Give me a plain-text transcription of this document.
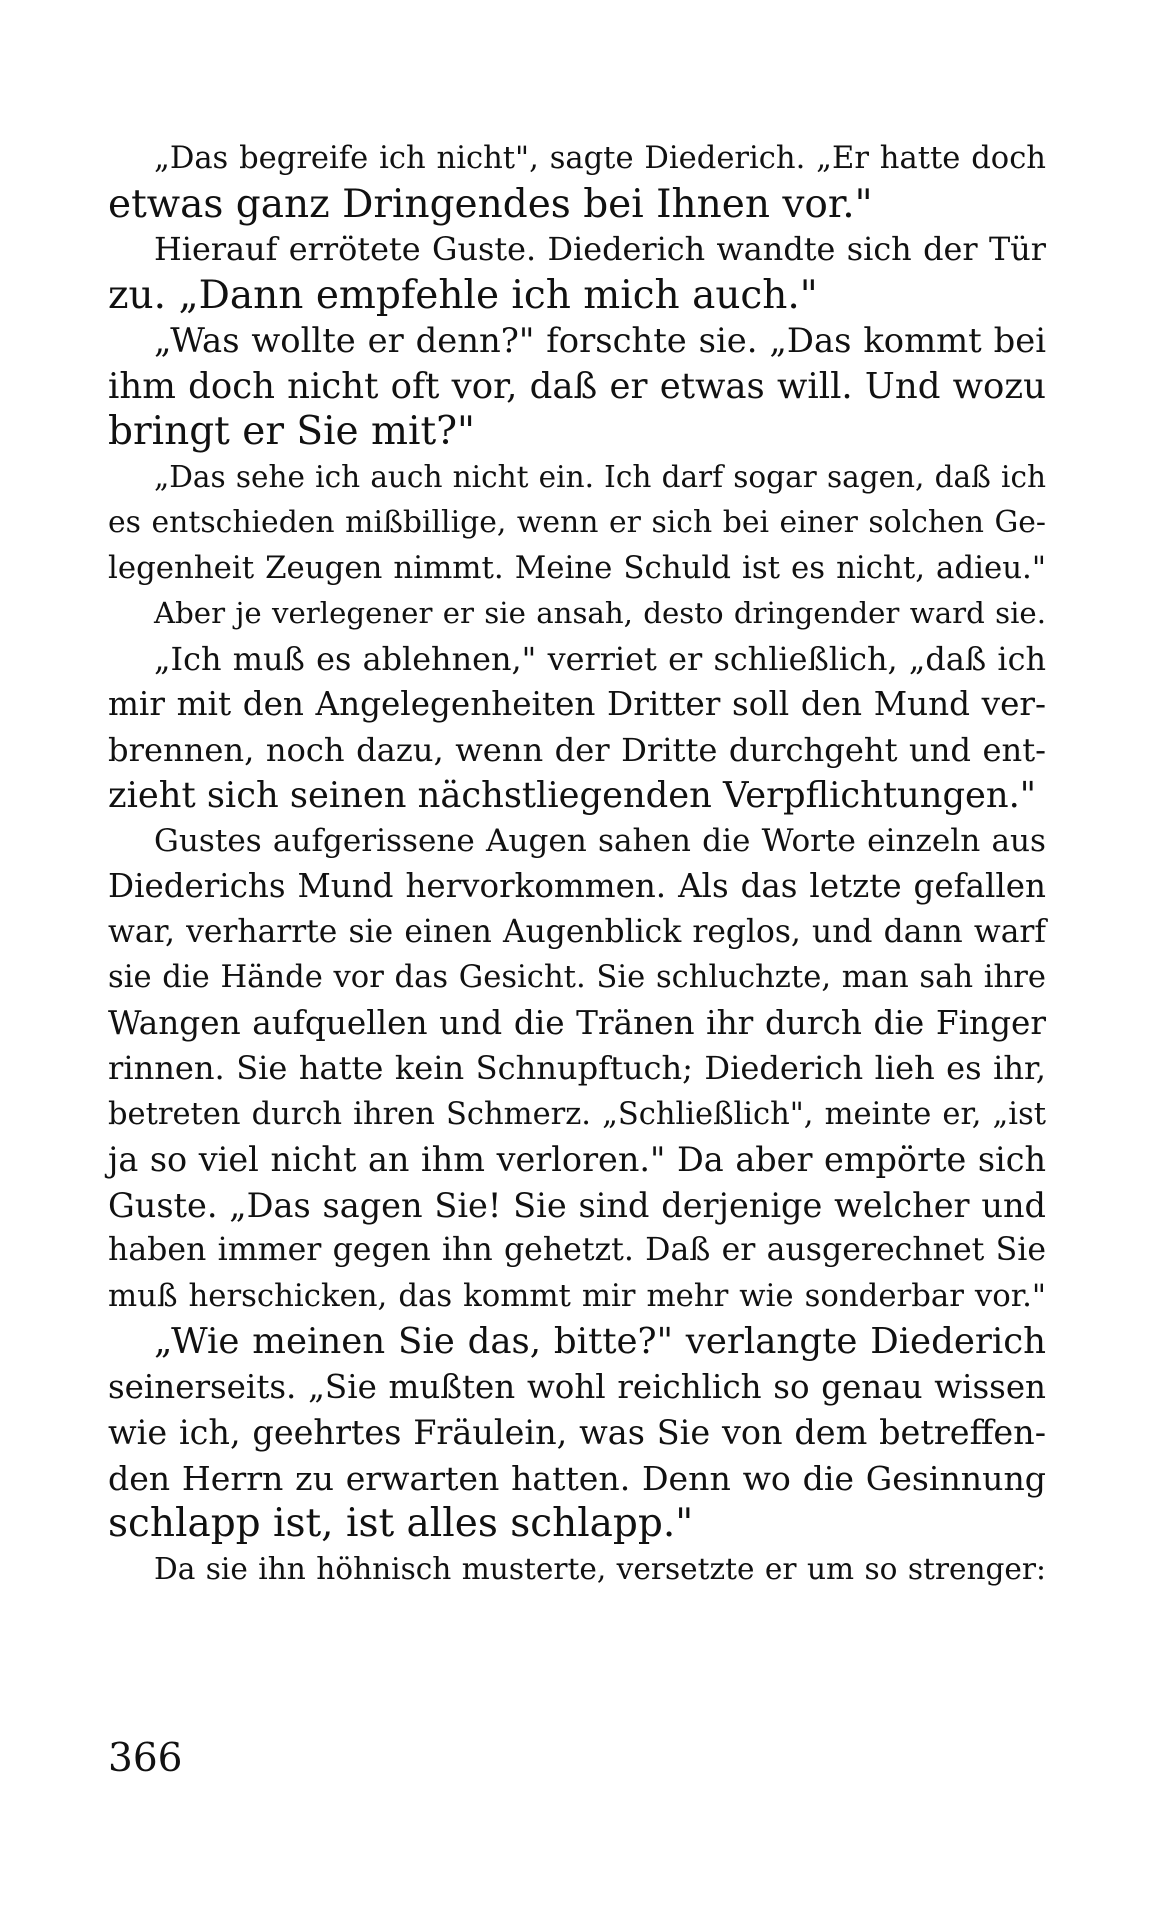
„Das begreife ich nicht", sagte Diederich. „Er hatte doch
etwas ganz Dringendes bei Ihnen vor."
Hierauf errötete Guste. Diederich wandte sich der Tür
zu. „Dann empfehle ich mich auch."
„Was wollte er denn?" forschte sie. „Das kommt bei
ihm doch nicht oft vor, daß er etwas will. Und wozu
bringt er Sie mit?"
„Das sehe ich auch nicht ein. Ich darf sogar sagen, daß ich
es entschieden mißbillige, wenn er sich bei einer solchen Ge-
legenheit Zeugen nimmt. Meine Schuld ist es nicht, adieu."
Aber je verlegener er sie ansah, desto dringender ward sie.
„Ich muß es ablehnen," verriet er schließlich, „daß ich
mir mit den Angelegenheiten Dritter soll den Mund ver-
brennen, noch dazu, wenn der Dritte durchgeht und ent-
zieht sich seinen nächstliegenden Verpflichtungen."
Gustes aufgerissene Augen sahen die Worte einzeln aus
Diederichs Mund hervorkommen. Als das letzte gefallen
war, verharrte sie einen Augenblick reglos, und dann warf
sie die Hände vor das Gesicht. Sie schluchzte, man sah ihre
Wangen aufquellen und die Tränen ihr durch die Finger
rinnen. Sie hatte kein Schnupftuch; Diederich lieh es ihr,
betreten durch ihren Schmerz. „Schließlich", meinte er, „ist
ja so viel nicht an ihm verloren." Da aber empörte sich
Guste. „Das sagen Sie! Sie sind derjenige welcher und
haben immer gegen ihn gehetzt. Daß er ausgerechnet Sie
muß herschicken, das kommt mir mehr wie sonderbar vor."
„Wie meinen Sie das, bitte?" verlangte Diederich
seinerseits. „Sie mußten wohl reichlich so genau wissen
wie ich, geehrtes Fräulein, was Sie von dem betreffen-
den Herrn zu erwarten hatten. Denn wo die Gesinnung
schlapp ist, ist alles schlapp."
Da sie ihn höhnisch musterte, versetzte er um so strenger:
366
